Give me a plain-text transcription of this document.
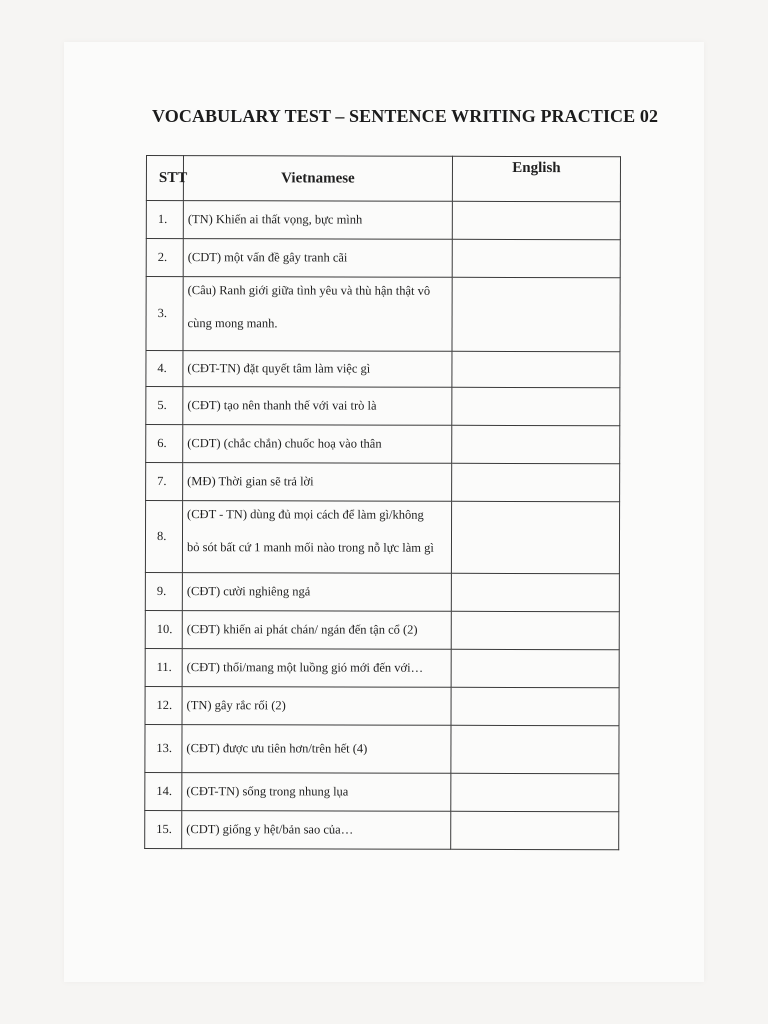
VOCABULARY TEST – SENTENCE WRITING PRACTICE 02
STT	Vietnamese	English
1.	(TN) Khiến ai thất vọng, bực mình	

2.	(CDT) một vấn đề gây tranh cãi	

3.	(Câu) Ranh giới giữa tình yêu và thù hận thật vô
cùng mong manh.	

4.	(CĐT-TN) đặt quyết tâm làm việc gì	

5.	(CĐT) tạo nên thanh thế với vai trò là	

6.	(CDT) (chắc chắn) chuốc hoạ vào thân	

7.	(MĐ) Thời gian sẽ trả lời	

8.	(CĐT - TN) dùng đủ mọi cách để làm gì/không
bỏ sót bất cứ 1 manh mối nào trong nỗ lực làm gì	

9.	(CĐT) cười nghiêng ngả	

10.	(CĐT) khiến ai phát chán/ ngán đến tận cổ (2)	

11.	(CĐT) thổi/mang một luồng gió mới đến với…	

12.	(TN) gây rắc rối (2)	

13.	(CĐT) được ưu tiên hơn/trên hết (4)	

14.	(CĐT-TN) sống trong nhung lụa	

15.	(CDT) giống y hệt/bản sao của…	
